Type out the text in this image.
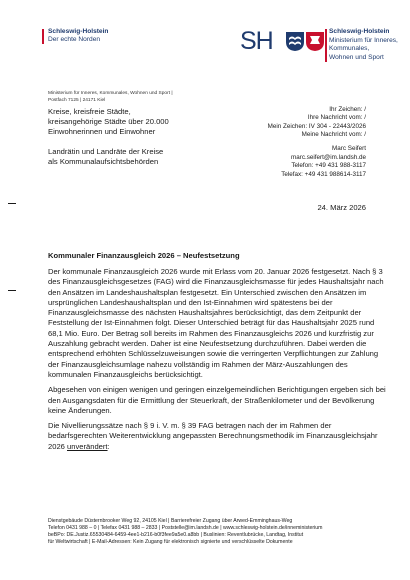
Schleswig-Holstein
Der echte Norden	SH	Schleswig-Holstein
Ministerium für Inneres,
Kommunales,
Wohnen und Sport
Ministerium für Inneres, Kommunales, Wohnen und Sport |
Postfach 7125 | 24171 Kiel

Kreise, kreisfreie Städte,

kreisangehörige Städte über 20.000

Einwohnerinnen und Einwohner

Landrätin und Landräte der Kreise

als Kommunalaufsichtsbehörden

Ihr Zeichen: /
Ihre Nachricht vom: /
Mein Zeichen: IV 304 - 22443/2026
Meine Nachricht vom: /
Marc Seifert
marc.seifert@im.landsh.de
Telefon: +49 431 988-3117
Telefax: +49 431 988614-3117
24. März 2026
Kommunaler Finanzausgleich 2026 – Neufestsetzung

Der kommunale Finanzausgleich 2026 wurde mit Erlass vom 20. Januar 2026 festgesetzt. Nach § 3 des Finanzausgleichsgesetzes (FAG) wird die Finanzausgleichsmasse für jedes Haushaltsjahr nach den Ansätzen im Landeshaushaltsplan festgesetzt. Ein Unterschied zwischen den Ansätzen im ursprünglichen Landeshaushaltsplan und den Ist-Einnahmen wird spätestens bei der Finanzausgleichsmasse des nächsten Haushaltsjahres berücksichtigt, das dem Zeitpunkt der Feststellung der Ist-Einnahmen folgt. Dieser Unterschied beträgt für das Haushaltsjahr 2025 rund 68,1 Mio. Euro. Der Betrag soll bereits im Rahmen des Finanzausgleichs 2026 und kurzfristig zur Auszahlung gebracht werden. Daher ist eine Neufestsetzung durchzuführen. Dabei werden die entsprechend erhöhten Schlüsselzuweisungen sowie die verringerten Verpflichtungen zur Zahlung der Finanzausgleichsumlage nahezu vollständig im Rahmen der März-Auszahlungen des kommunalen Finanzausgleichs berücksichtigt.

Abgesehen von einigen wenigen und geringen einzelgemeindlichen Berichtigungen ergeben sich bei den Ausgangsdaten für die Ermittlung der Steuerkraft, der Straßenkilometer und der Bevölkerung keine Änderungen.

Die Nivellierungssätze nach § 9 i. V. m. § 39 FAG betragen nach der im Rahmen der bedarfsgerechten Weiterentwicklung angepassten Berechnungsmethodik im Finanzausgleichsjahr 2026 unverändert:

Dienstgebäude Düsternbrooker Weg 92, 24105 Kiel | Barrierefreier Zugang über Arwed-Emminghaus-Weg
Telefon 0431 988 – 0 | Telefax 0431 988 – 2833 | Poststelle@im.landsh.de | www.schleswig-holstein.de/inneministerium
beBPo: DE.Justiz.65530484-6459-4ee1-b216-b0f3fee9a5e0.a8bb | Buslinien: Reventlubrücke, Landtag, Institut
für Weltwirtschaft | E-Mail-Adressen: Kein Zugang für elektronisch signierte und verschlüsselte Dokumente
